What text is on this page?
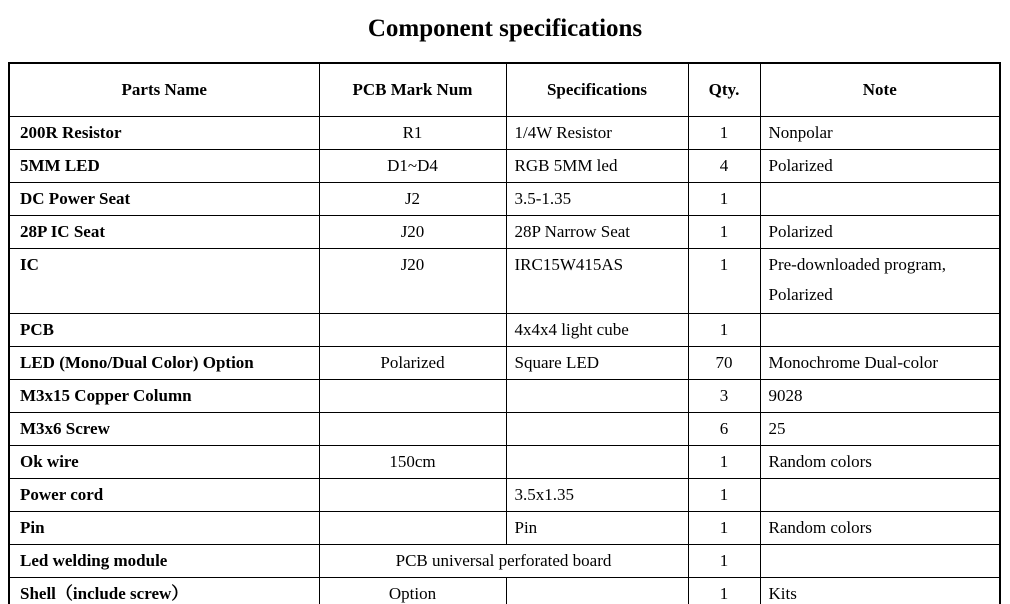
Component specifications
Parts Name	PCB Mark Num	Specifications	Qty.	Note
200R Resistor	R1	1/4W Resistor	1	Nonpolar
5MM LED	D1~D4	RGB 5MM led	4	Polarized
DC Power Seat	J2	3.5-1.35	1	
28P IC Seat	J20	28P Narrow Seat	1	Polarized
IC	J20	IRC15W415AS	1	Pre-downloaded program, Polarized
PCB		4x4x4 light cube	1	
LED (Mono/Dual Color) Option	Polarized	Square LED	70	Monochrome Dual-color
M3x15 Copper Column			3	9028
M3x6 Screw			6	25
Ok wire	150cm		1	Random colors
Power cord		3.5x1.35	1	
Pin		Pin	1	Random colors
Led welding module	PCB universal perforated board		1	
Shell（include screw）	Option		1	Kits
